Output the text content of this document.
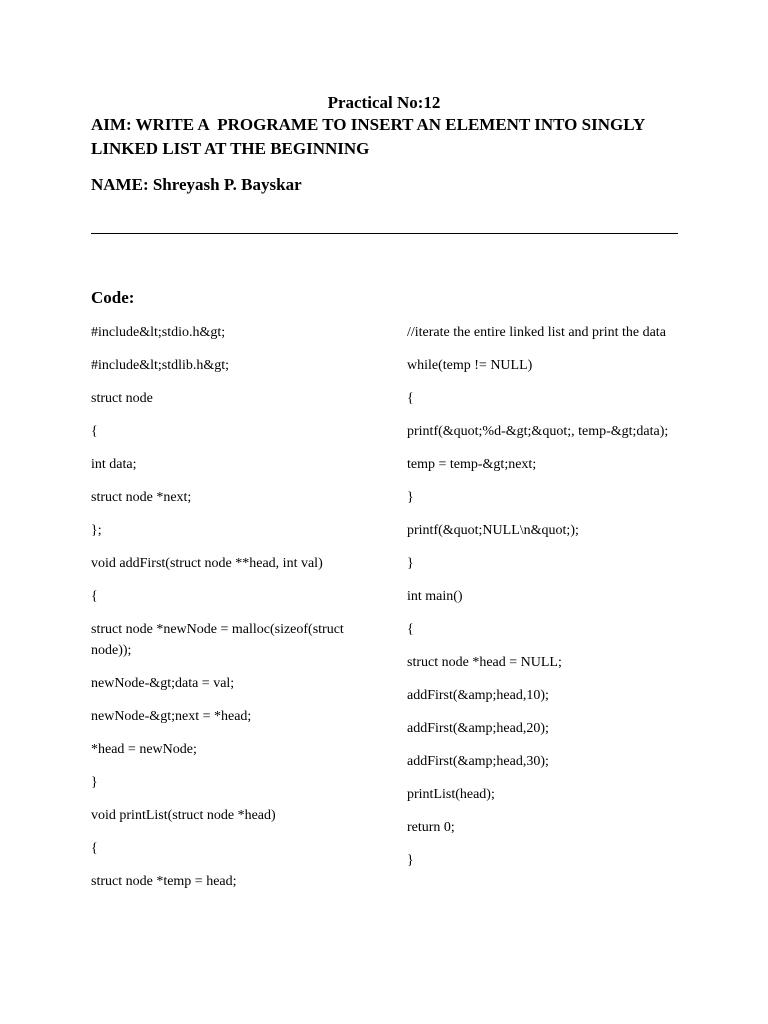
Practical No:12
AIM: WRITE A  PROGRAME TO INSERT AN ELEMENT INTO SINGLY LINKED LIST AT THE BEGINNING
NAME: Shreyash P. Bayskar
Code:

#include&lt;stdio.h&gt;

#include&lt;stdlib.h&gt;

struct node

{

int data;

struct node *next;

};

void addFirst(struct node **head, int val)

{

struct node *newNode = malloc(sizeof(struct node));

newNode-&gt;data = val;

newNode-&gt;next = *head;

*head = newNode;

}

void printList(struct node *head)

{

struct node *temp = head;

//iterate the entire linked list and print the data

while(temp != NULL)

{

printf(&quot;%d-&gt;&quot;, temp-&gt;data);

temp = temp-&gt;next;

}

printf(&quot;NULL\n&quot;);

}

int main()

{

struct node *head = NULL;

addFirst(&amp;head,10);

addFirst(&amp;head,20);

addFirst(&amp;head,30);

printList(head);

return 0;

}
